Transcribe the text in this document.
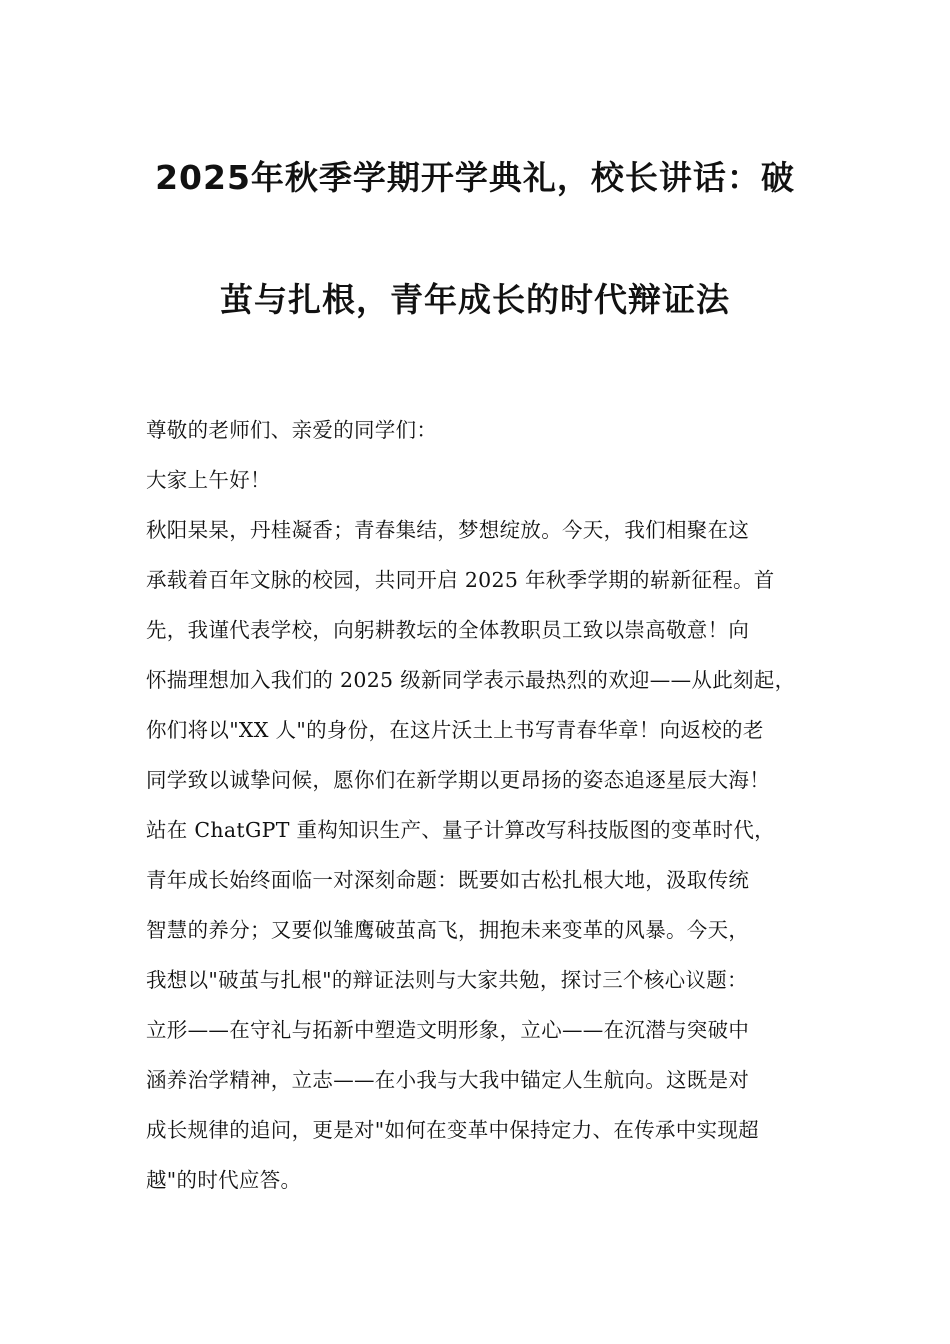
2025年秋季学期开学典礼，校长讲话：破
茧与扎根，青年成长的时代辩证法
尊敬的老师们、亲爱的同学们：
大家上午好！
秋阳杲杲，丹桂凝香；青春集结，梦想绽放。今天，我们相聚在这
承载着百年文脉的校园，共同开启 2025 年秋季学期的崭新征程。首
先，我谨代表学校，向躬耕教坛的全体教职员工致以崇高敬意！向
怀揣理想加入我们的 2025 级新同学表示最热烈的欢迎——从此刻起，
你们将以"XX 人"的身份，在这片沃土上书写青春华章！向返校的老
同学致以诚挚问候，愿你们在新学期以更昂扬的姿态追逐星辰大海！
站在 ChatGPT 重构知识生产、量子计算改写科技版图的变革时代，
青年成长始终面临一对深刻命题：既要如古松扎根大地，汲取传统
智慧的养分；又要似雏鹰破茧高飞，拥抱未来变革的风暴。今天，
我想以"破茧与扎根"的辩证法则与大家共勉，探讨三个核心议题：
立形——在守礼与拓新中塑造文明形象，立心——在沉潜与突破中
涵养治学精神，立志——在小我与大我中锚定人生航向。这既是对
成长规律的追问，更是对"如何在变革中保持定力、在传承中实现超
越"的时代应答。
